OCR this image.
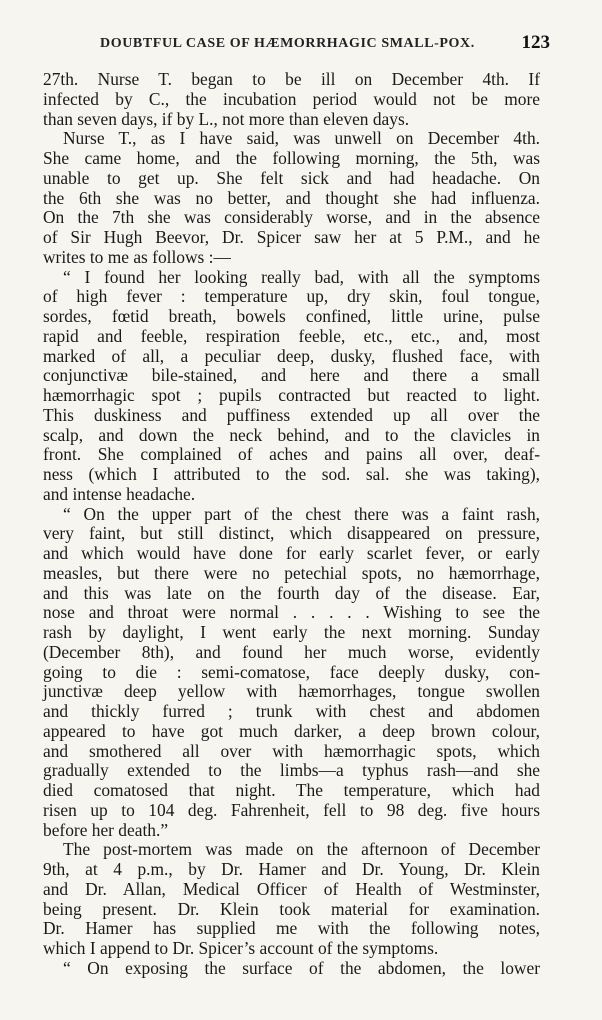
DOUBTFUL CASE OF HÆMORRHAGIC SMALL-POX. 123
27th. Nurse T. began to be ill on December 4th. If
infected by C., the incubation period would not be more
than seven days, if by L., not more than eleven days.
Nurse T., as I have said, was unwell on December 4th.
She came home, and the following morning, the 5th, was
unable to get up. She felt sick and had headache. On
the 6th she was no better, and thought she had influenza.
On the 7th she was considerably worse, and in the absence
of Sir Hugh Beevor, Dr. Spicer saw her at 5 P.M., and he
writes to me as follows :—
“ I found her looking really bad, with all the symptoms
of high fever : temperature up, dry skin, foul tongue,
sordes, fœtid breath, bowels confined, little urine, pulse
rapid and feeble, respiration feeble, etc., etc., and, most
marked of all, a peculiar deep, dusky, flushed face, with
conjunctivæ bile-stained, and here and there a small
hæmorrhagic spot ; pupils contracted but reacted to light.
This duskiness and puffiness extended up all over the
scalp, and down the neck behind, and to the clavicles in
front. She complained of aches and pains all over, deaf-
ness (which I attributed to the sod. sal. she was taking),
and intense headache.
“ On the upper part of the chest there was a faint rash,
very faint, but still distinct, which disappeared on pressure,
and which would have done for early scarlet fever, or early
measles, but there were no petechial spots, no hæmorrhage,
and this was late on the fourth day of the disease. Ear,
nose and throat were normal . . . . . Wishing to see the
rash by daylight, I went early the next morning. Sunday
(December 8th), and found her much worse, evidently
going to die : semi-comatose, face deeply dusky, con-
junctivæ deep yellow with hæmorrhages, tongue swollen
and thickly furred ; trunk with chest and abdomen
appeared to have got much darker, a deep brown colour,
and smothered all over with hæmorrhagic spots, which
gradually extended to the limbs—a typhus rash—and she
died comatosed that night. The temperature, which had
risen up to 104 deg. Fahrenheit, fell to 98 deg. five hours
before her death.”
The post-mortem was made on the afternoon of December
9th, at 4 p.m., by Dr. Hamer and Dr. Young, Dr. Klein
and Dr. Allan, Medical Officer of Health of Westminster,
being present. Dr. Klein took material for examination.
Dr. Hamer has supplied me with the following notes,
which I append to Dr. Spicer’s account of the symptoms.
“ On exposing the surface of the abdomen, the lower
